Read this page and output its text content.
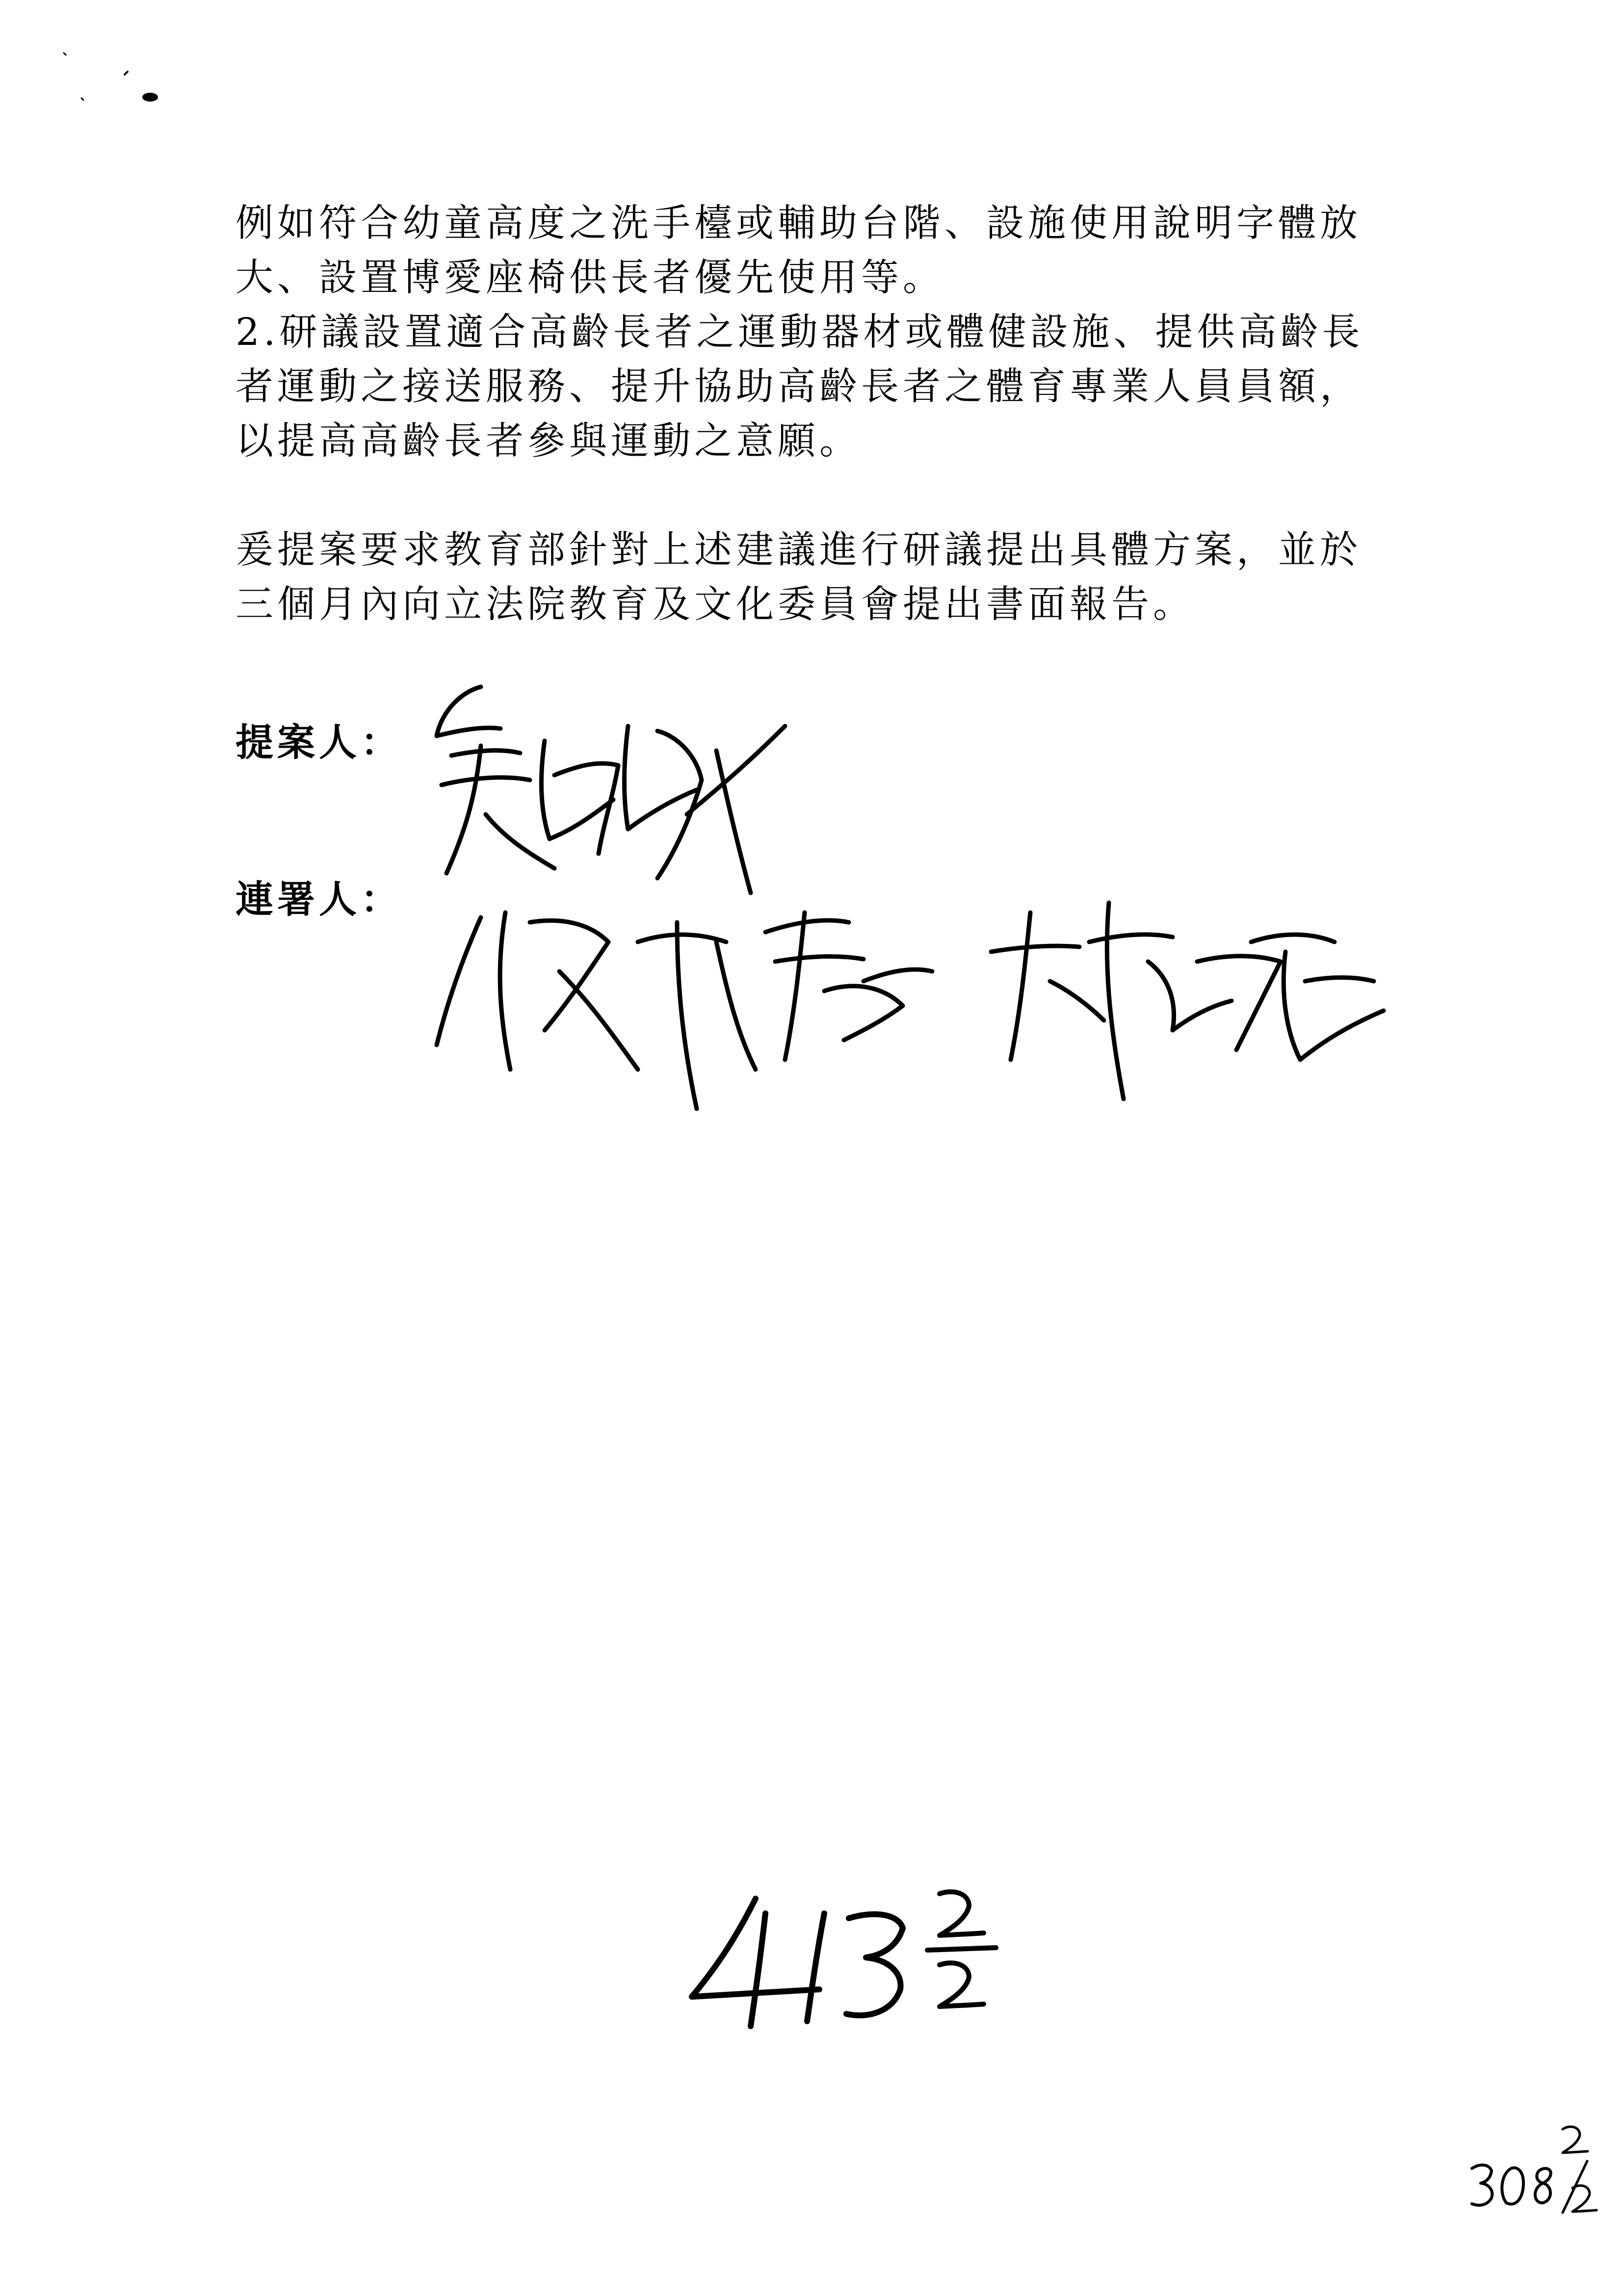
例如符合幼童高度之洗手檯或輔助台階、設施使用說明字體放
大、設置博愛座椅供長者優先使用等。

2.研議設置適合高齡長者之運動器材或體健設施、提供高齡長
者運動之接送服務、提升協助高齡長者之體育專業人員員額，
以提高高齡長者參與運動之意願。

爰提案要求教育部針對上述建議進行研議提出具體方案，並於
三個月內向立法院教育及文化委員會提出書面報告。

提案人：
連署人：
